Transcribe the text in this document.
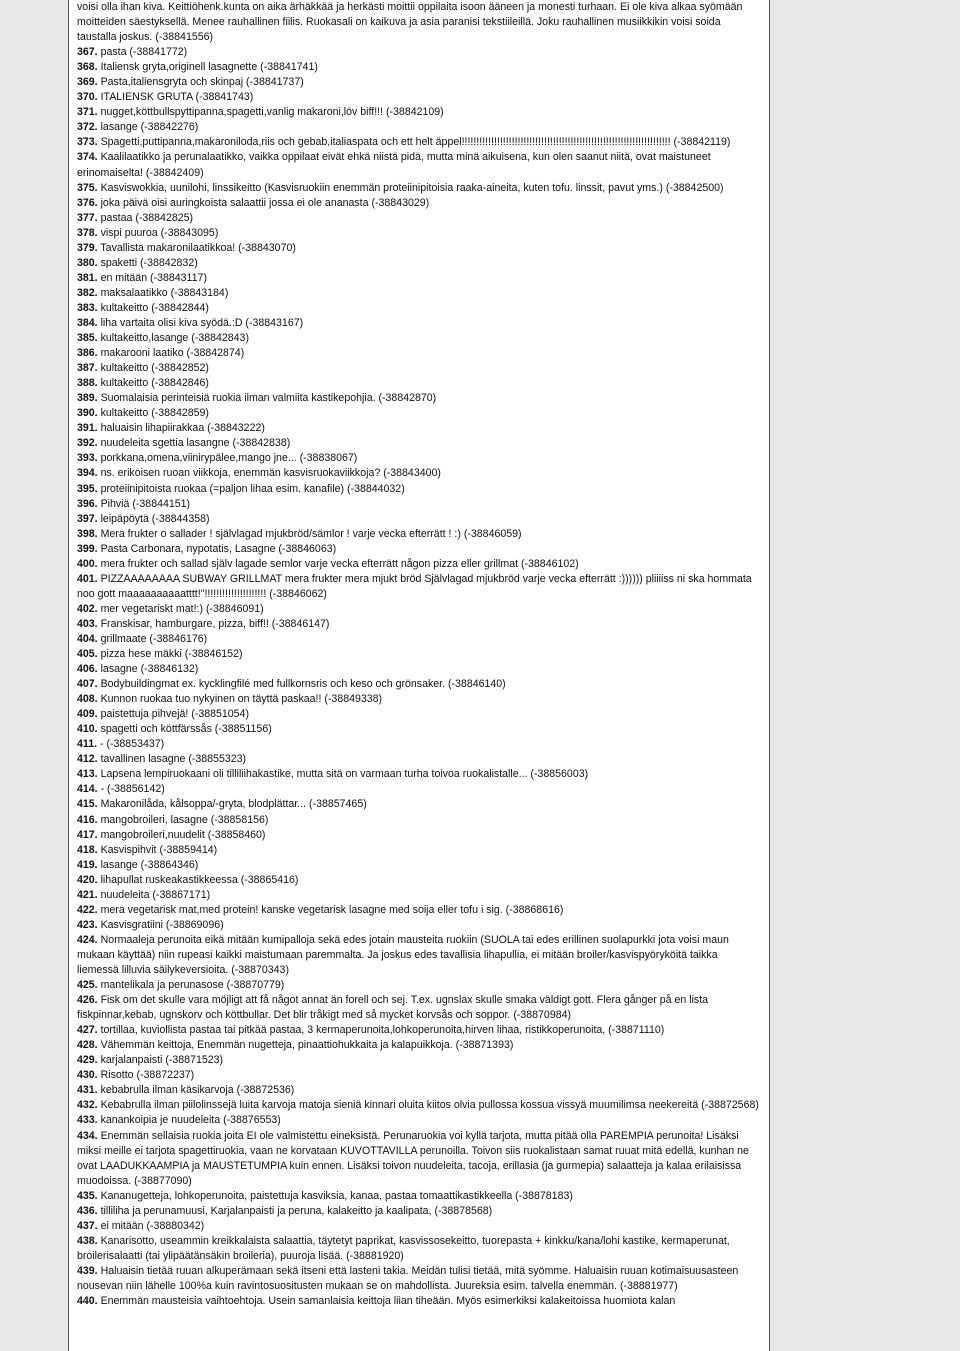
voisi olla ihan kiva. Keittiöhenk.kunta on aika ärhäkkää ja herkästi moittii oppilaita isoon ääneen ja monesti turhaan. Ei ole kiva alkaa syömään moitteiden säestyksellä. Menee rauhallinen fiilis. Ruokasali on kaikuva ja asia paranisi tekstiileillä. Joku rauhallinen musiikkikin voisi soida taustalla joskus. (-38841556)

367. pasta (-38841772)

368. Italiensk gryta,originell lasagnette (-38841741)

369. Pasta,italiensgryta och skinpaj (-38841737)

370. ITALIENSK GRUTA (-38841743)

371. nugget,köttbullspyttipanna,spagetti,vanlig makaroni,löv biff!!! (-38842109)

372. lasange (-38842276)

373. Spagetti,puttipanna,makaroniloda,riis och gebab,italiaspata och ett helt äppel!!!!!!!!!!!!!!!!!!!!!!!!!!!!!!!!!!!!!!!!!!!!!!!!!!!!!!!!!!!!!!!!!!!!!!! (-38842119)

374. Kaalilaatikko ja perunalaatikko, vaikka oppilaat eivät ehkä niistä pidä, mutta minä aikuisena, kun olen saanut niitä, ovat maistuneet erinomaiselta! (-38842409)

375. Kasviswokkia, uunilohi, linssikeitto (Kasvisruokiin enemmän proteiinipitoisia raaka-aineita, kuten tofu. linssit, pavut yms.) (-38842500)

376. joka päivä oisi auringkoista salaattii jossa ei ole ananasta (-38843029)

377. pastaa (-38842825)

378. vispi puuroa (-38843095)

379. Tavallista makaronilaatikkoa! (-38843070)

380. spaketti (-38842832)

381. en mitään (-38843117)

382. maksalaatikko (-38843184)

383. kultakeitto (-38842844)

384. liha vartaita olisi kiva syödä.:D (-38843167)

385. kultakeitto,lasange (-38842843)

386. makarooni laatiko (-38842874)

387. kultakeitto (-38842852)

388. kultakeitto (-38842846)

389. Suomalaisia perinteisiä ruokia ilman valmiita kastikepohjia. (-38842870)

390. kultakeitto (-38842859)

391. haluaisin lihapiirakkaa (-38843222)

392. nuudeleita sgettia lasangne (-38842838)

393. porkkana,omena,viinirypälee,mango jne... (-38838067)

394. ns. erikoisen ruoan viikkoja, enemmän kasvisruokaviikkoja? (-38843400)

395. proteiinipitoista ruokaa (=paljon lihaa esim. kanafile) (-38844032)

396. Pihviä (-38844151)

397. leipäpöytä (-38844358)

398. Mera frukter o sallader ! självlagad mjukbröd/sämlor ! varje vecka efterrätt ! :) (-38846059)

399. Pasta Carbonara, nypotatis, Lasagne (-38846063)

400. mera frukter och sallad själv lagade semlor varje vecka efterrätt någon pizza eller grillmat (-38846102)

401. PIZZAAAAAAAA SUBWAY GRILLMAT mera frukter mera mjukt bröd Självlagad mjukbröd varje vecka efterrätt :)))))) pliiiiss ni ska hommata noo gott maaaaaaaaaatttt!"!!!!!!!!!!!!!!!!!!!!! (-38846062)

402. mer vegetariskt mat!:) (-38846091)

403. Franskisar, hamburgare, pizza, biff!! (-38846147)

404. grillmaate (-38846176)

405. pizza hese mäkki (-38846152)

406. lasagne (-38846132)

407. Bodybuildingmat ex. kycklingfilé med fullkornsris och keso och grönsaker. (-38846140)

408. Kunnon ruokaa tuo nykyinen on täyttä paskaa!! (-38849338)

409. paistettuja pihvejä! (-38851054)

410. spagetti och köttfärssås (-38851156)

411. - (-38853437)

412. tavallinen lasagne (-38855323)

413. Lapsena lempiruokaani oli tilliliihakastike, mutta sitä on varmaan turha toivoa ruokalistalle... (-38856003)

414. - (-38856142)

415. Makaronilåda, kålsoppa/-gryta, blodplättar... (-38857465)

416. mangobroileri, lasagne (-38858156)

417. mangobroileri,nuudelit (-38858460)

418. Kasvispihvit (-38859414)

419. lasange (-38864346)

420. lihapullat ruskeakastikkeessa (-38865416)

421. nuudeleita (-38867171)

422. mera vegetarisk mat,med protein! kanske vegetarisk lasagne med soija eller tofu i sig. (-38868616)

423. Kasvisgratiini (-38869096)

424. Normaaleja perunoita eikä mitään kumipalloja sekä edes jotain mausteita ruokiin (SUOLA tai edes erillinen suolapurkki jota voisi maun mukaan käyttää) niin rupeasi kaikki maistumaan paremmalta. Ja joskus edes tavallisia lihapullia, ei mitään broiler/kasvispyöryköitä taikka liemessä lilluvia säilykeversioita. (-38870343)

425. mantelikala ja perunasose (-38870779)

426. Fisk om det skulle vara möjligt att få något annat än forell och sej. T.ex. ugnslax skulle smaka väldigt gott. Flera gånger på en lista fiskpinnar,kebab, ugnskorv och köttbullar. Det blir tråkigt med så mycket korvsås och soppor. (-38870984)

427. tortillaa, kuviollista pastaa tai pitkää pastaa, 3 kermaperunoita,lohkoperunoita,hirven lihaa, ristikkoperunoita, (-38871110)

428. Vähemmän keittoja, Enemmän nugetteja, pinaattiohukkaita ja kalapuikkoja. (-38871393)

429. karjalanpaisti (-38871523)

430. Risotto (-38872237)

431. kebabrulla ilman käsikarvoja (-38872536)

432. Kebabrulla ilman piilolinssejä luita karvoja matoja sieniä kinnari oluita kiitos olvia pullossa kossua vissyä muumilimsa neekereitä (-38872568)

433. kanankoipia je nuudeleita (-38876553)

434. Enemmän sellaisia ruokia joita EI ole valmistettu eineksistä. Perunaruokia voi kyllä tarjota, mutta pitää olla PAREMPIA perunoita! Lisäksi miksi meille ei tarjota spagettiruokia, vaan ne korvataan KUVOTTAVILLA perunoilla. Toivon siis ruokalistaan samat ruuat mitä edellä, kunhan ne ovat LAADUKKAAMPIA ja MAUSTETUMPIA kuin ennen. Lisäksi toivon nuudeleita, tacoja, erillasia (ja gurmepia) salaatteja ja kalaa erilaisissa muodoissa. (-38877090)

435. Kananugetteja, lohkoperunoita, paistettuja kasviksia, kanaa, pastaa tomaattikastikkeella (-38878183)

436. tilliliha ja perunamuusi, Karjalanpaisti ja peruna, kalakeitto ja kaalipata, (-38878568)

437. ei mitään (-38880342)

438. Kanarisotto, useammin kreikkalaista salaattia, täytetyt paprikat, kasvissosekeitto, tuorepasta + kinkku/kana/lohi kastike, kermaperunat, broilerisalaatti (tai ylipäätänsäkin broileria), puuroja lisää. (-38881920)

439. Haluaisin tietää ruuan alkuperämaan sekä itseni että lasteni takia. Meidän tulisi tietää, mitä syömme. Haluaisin ruuan kotimaisuusasteen nousevan niin lähelle 100%a kuin ravintosuositusten mukaan se on mahdollista. Juureksia esim. talvella enemmän. (-38881977)

440. Enemmän mausteisia vaihtoehtoja. Usein samanlaisia keittoja liian tiheään. Myös esimerkiksi kalakeitoissa huomiota kalan
